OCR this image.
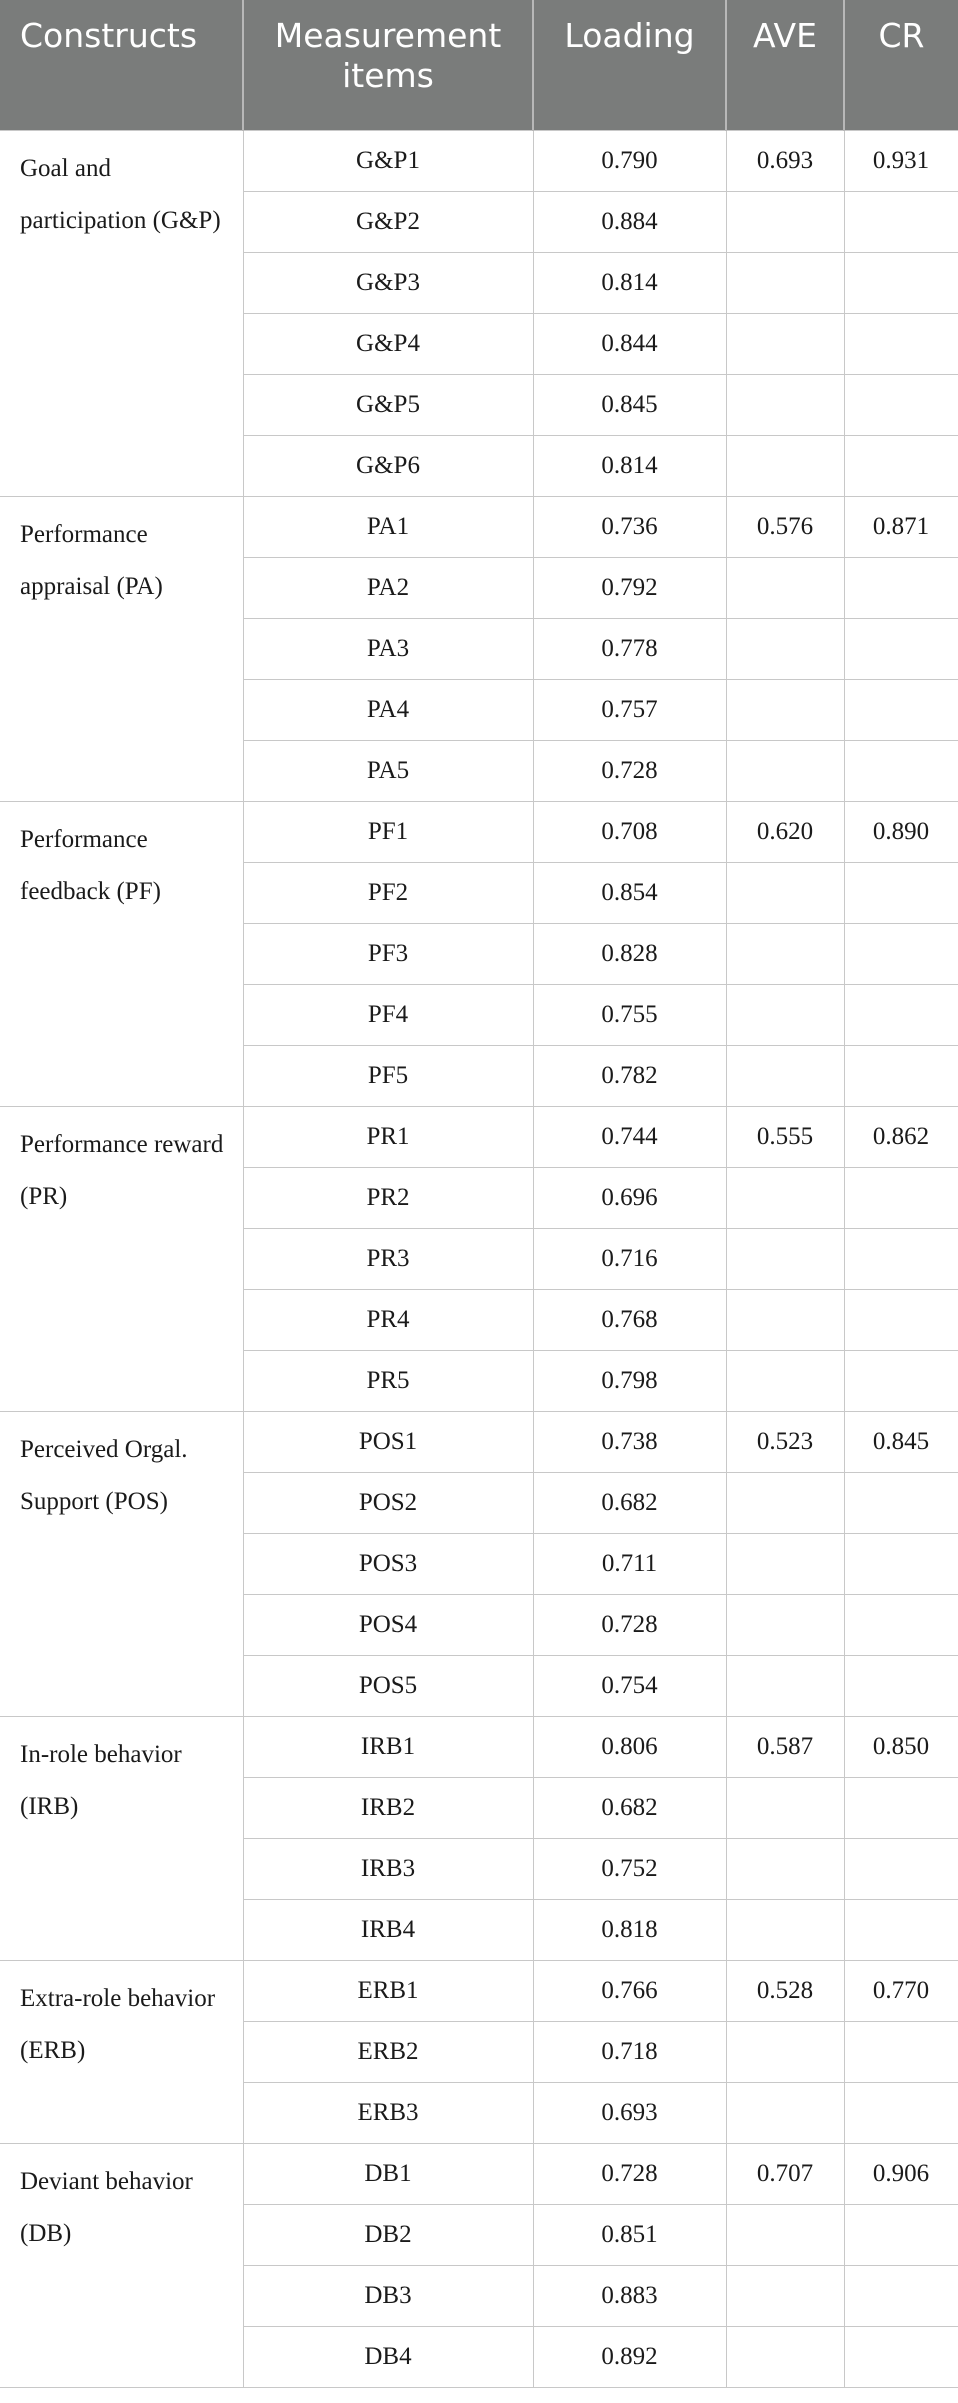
Constructs	Measurement items	Loading	AVE	CR
Goal and participation (G&P)	G&P1	0.790	0.693	0.931
	G&P2	0.884		
	G&P3	0.814		
	G&P4	0.844		
	G&P5	0.845		
	G&P6	0.814		
Performance appraisal (PA)	PA1	0.736	0.576	0.871
	PA2	0.792		
	PA3	0.778		
	PA4	0.757		
	PA5	0.728		
Performance feedback (PF)	PF1	0.708	0.620	0.890
	PF2	0.854		
	PF3	0.828		
	PF4	0.755		
	PF5	0.782		
Performance reward (PR)	PR1	0.744	0.555	0.862
	PR2	0.696		
	PR3	0.716		
	PR4	0.768		
	PR5	0.798		
Perceived Orgal. Support (POS)	POS1	0.738	0.523	0.845
	POS2	0.682		
	POS3	0.711		
	POS4	0.728		
	POS5	0.754		
In-role behavior (IRB)	IRB1	0.806	0.587	0.850
	IRB2	0.682		
	IRB3	0.752		
	IRB4	0.818		
Extra-role behavior (ERB)	ERB1	0.766	0.528	0.770
	ERB2	0.718		
	ERB3	0.693		
Deviant behavior (DB)	DB1	0.728	0.707	0.906
	DB2	0.851		
	DB3	0.883		
	DB4	0.892		
